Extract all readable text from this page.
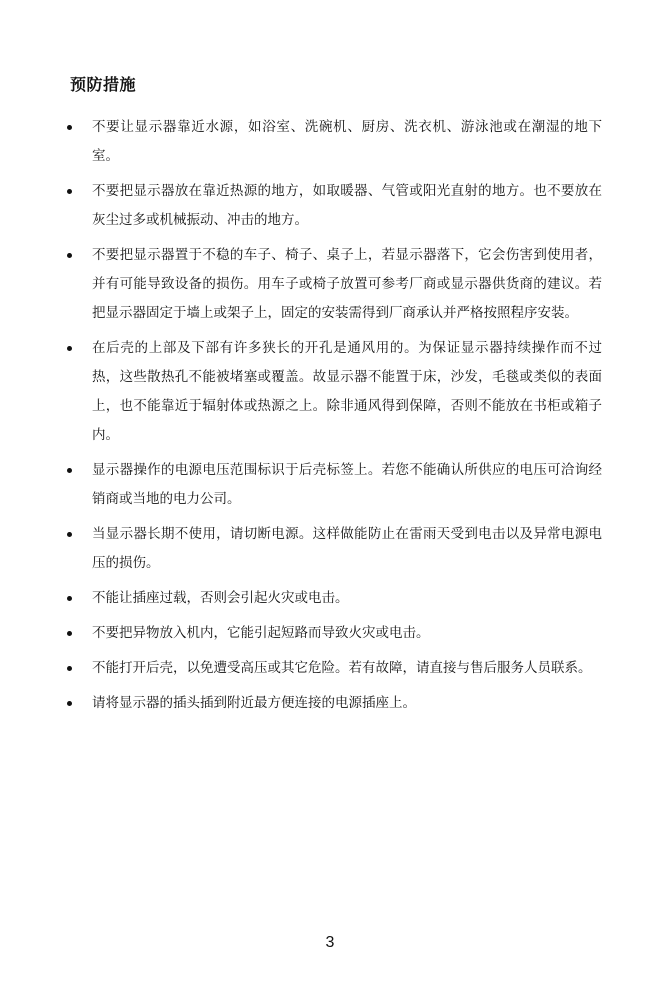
预防措施
不要让显示器靠近水源，如浴室、洗碗机、厨房、洗衣机、游泳池或在潮湿的地下室。
不要把显示器放在靠近热源的地方，如取暖器、气管或阳光直射的地方。也不要放在灰尘过多或机械振动、冲击的地方。
不要把显示器置于不稳的车子、椅子、桌子上，若显示器落下，它会伤害到使用者，并有可能导致设备的损伤。用车子或椅子放置可参考厂商或显示器供货商的建议。若把显示器固定于墙上或架子上，固定的安装需得到厂商承认并严格按照程序安装。
在后壳的上部及下部有许多狭长的开孔是通风用的。为保证显示器持续操作而不过热，这些散热孔不能被堵塞或覆盖。故显示器不能置于床，沙发，毛毯或类似的表面上，也不能靠近于辐射体或热源之上。除非通风得到保障，否则不能放在书柜或箱子内。
显示器操作的电源电压范围标识于后壳标签上。若您不能确认所供应的电压可洽询经销商或当地的电力公司。
当显示器长期不使用，请切断电源。这样做能防止在雷雨天受到电击以及异常电源电压的损伤。
不能让插座过载，否则会引起火灾或电击。
不要把异物放入机内，它能引起短路而导致火灾或电击。
不能打开后壳，以免遭受高压或其它危险。若有故障，请直接与售后服务人员联系。
请将显示器的插头插到附近最方便连接的电源插座上。
3
